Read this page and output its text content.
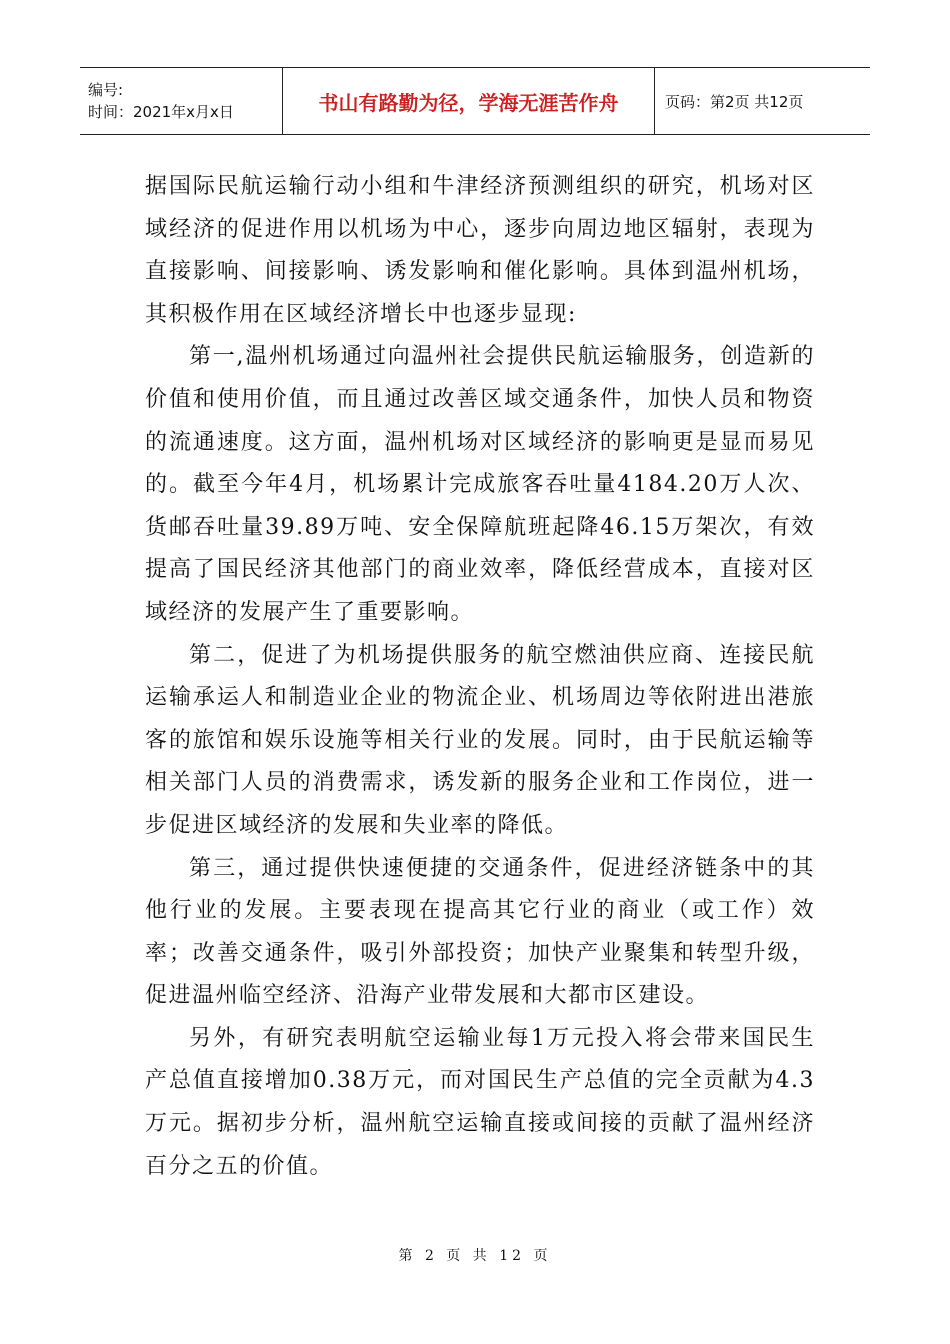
编号:
时间：2021年x月x日	书山有路勤为径，学海无涯苦作舟	页码：第2页 共12页

据国际民航运输行动小组和牛津经济预测组织的研究，机场对区域经济的促进作用以机场为中心，逐步向周边地区辐射，表现为直接影响、间接影响、诱发影响和催化影响。具体到温州机场，其积极作用在区域经济增长中也逐步显现:

第一,温州机场通过向温州社会提供民航运输服务，创造新的价值和使用价值，而且通过改善区域交通条件，加快人员和物资的流通速度。这方面，温州机场对区域经济的影响更是显而易见的。截至今年4月，机场累计完成旅客吞吐量4184.20万人次、货邮吞吐量39.89万吨、安全保障航班起降46.15万架次，有效提高了国民经济其他部门的商业效率，降低经营成本，直接对区域经济的发展产生了重要影响。

第二，促进了为机场提供服务的航空燃油供应商、连接民航运输承运人和制造业企业的物流企业、机场周边等依附进出港旅客的旅馆和娱乐设施等相关行业的发展。同时，由于民航运输等相关部门人员的消费需求，诱发新的服务企业和工作岗位，进一步促进区域经济的发展和失业率的降低。

第三，通过提供快速便捷的交通条件，促进经济链条中的其他行业的发展。主要表现在提高其它行业的商业（或工作）效率；改善交通条件，吸引外部投资；加快产业聚集和转型升级，促进温州临空经济、沿海产业带发展和大都市区建设。

另外，有研究表明航空运输业每1万元投入将会带来国民生产总值直接增加0.38万元，而对国民生产总值的完全贡献为4.3万元。据初步分析，温州航空运输直接或间接的贡献了温州经济百分之五的价值。

第 2 页 共 12 页
